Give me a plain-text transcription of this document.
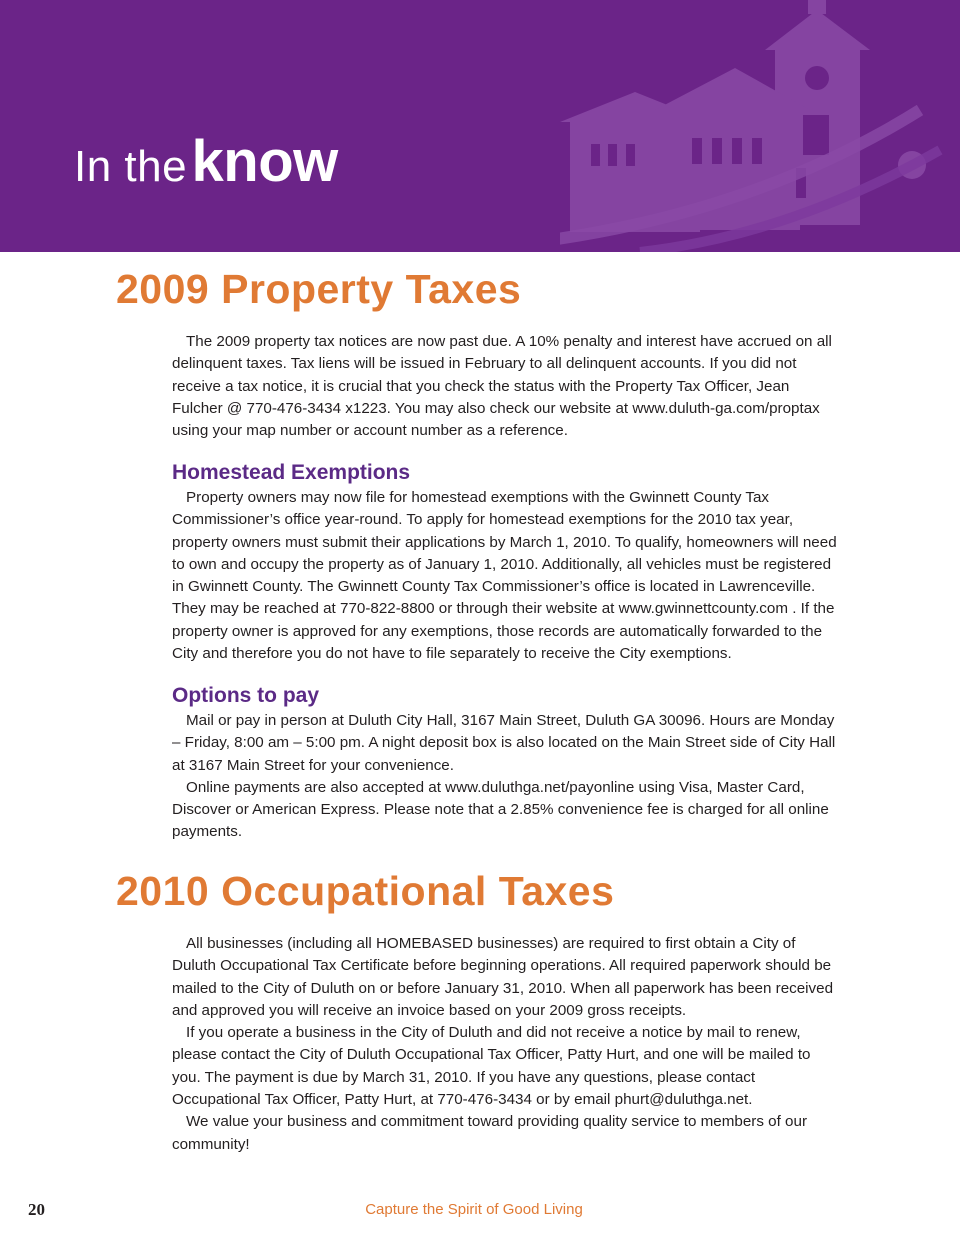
In the know
2009 Property Taxes

The 2009 property tax notices are now past due. A 10% penalty and interest have accrued on all delinquent taxes. Tax liens will be issued in February to all delinquent accounts. If you did not receive a tax notice, it is crucial that you check the status with the Property Tax Officer, Jean Fulcher @ 770-476-3434 x1223. You may also check our website at www.duluth-ga.com/proptax using your map number or account number as a reference.

Homestead Exemptions

Property owners may now file for homestead exemptions with the Gwinnett County Tax Commissioner’s office year-round. To apply for homestead exemptions for the 2010 tax year, property owners must submit their applications by March 1, 2010. To qualify, homeowners will need to own and occupy the property as of January 1, 2010. Additionally, all vehicles must be registered in Gwinnett County. The Gwinnett County Tax Commissioner’s office is located in Lawrenceville. They may be reached at 770-822-8800 or through their website at www.gwinnettcounty.com . If the property owner is approved for any exemptions, those records are automatically forwarded to the City and therefore you do not have to file separately to receive the City exemptions.

Options to pay

Mail or pay in person at Duluth City Hall, 3167 Main Street, Duluth GA 30096. Hours are Monday – Friday, 8:00 am – 5:00 pm. A night deposit box is also located on the Main Street side of City Hall at 3167 Main Street for your convenience.

Online payments are also accepted at www.duluthga.net/payonline using Visa, Master Card, Discover or American Express. Please note that a 2.85% convenience fee is charged for all online payments.

2010 Occupational Taxes

All businesses (including all HOMEBASED businesses) are required to first obtain a City of Duluth Occupational Tax Certificate before beginning operations. All required paperwork should be mailed to the City of Duluth on or before January 31, 2010. When all paperwork has been received and approved you will receive an invoice based on your 2009 gross receipts.

If you operate a business in the City of Duluth and did not receive a notice by mail to renew, please contact the City of Duluth Occupational Tax Officer, Patty Hurt, and one will be mailed to you. The payment is due by March 31, 2010. If you have any questions, please contact Occupational Tax Officer, Patty Hurt, at 770-476-3434 or by email phurt@duluthga.net.

We value your business and commitment toward providing quality service to members of our community!

20	Capture the Spirit of Good Living
